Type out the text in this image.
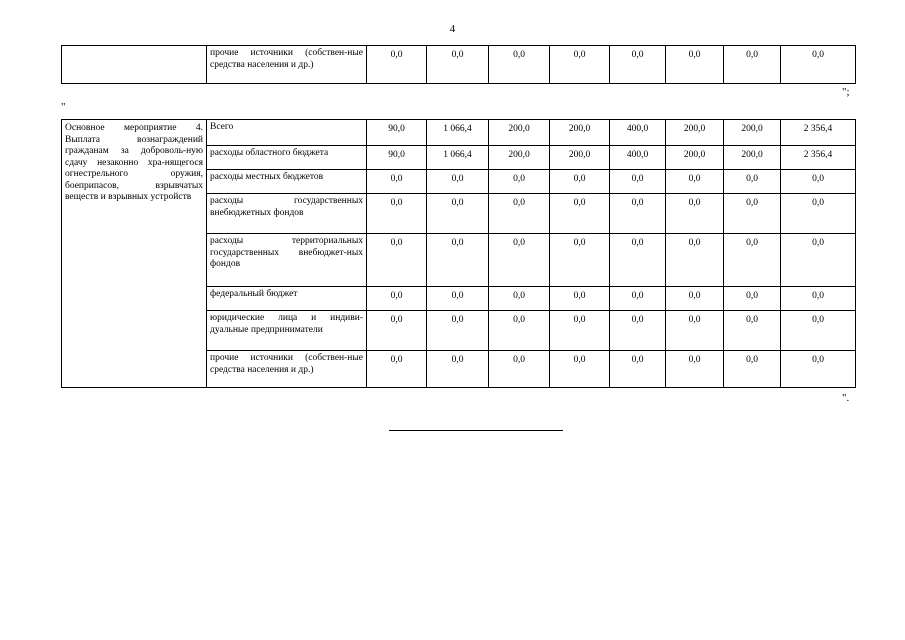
4
	прочие источники (собствен-ные средства населения и др.)	0,0	0,0	0,0	0,0	0,0	0,0	0,0	0,0
";
"
Основное мероприятие 4. Выплата вознаграждений гражданам за доброволь-ную сдачу незаконно хра-нящегося огнестрельного оружия, боеприпасов, взрывчатых веществ и взрывных устройств	Всего	90,0	1 066,4	200,0	200,0	400,0	200,0	200,0	2 356,4
	расходы областного бюджета	90,0	1 066,4	200,0	200,0	400,0	200,0	200,0	2 356,4
	расходы местных бюджетов	0,0	0,0	0,0	0,0	0,0	0,0	0,0	0,0
	расходы государственных внебюджетных фондов	0,0	0,0	0,0	0,0	0,0	0,0	0,0	0,0
	расходы территориальных государственных внебюджет-ных фондов	0,0	0,0	0,0	0,0	0,0	0,0	0,0	0,0
	федеральный бюджет	0,0	0,0	0,0	0,0	0,0	0,0	0,0	0,0
	юридические лица и индиви-дуальные предприниматели	0,0	0,0	0,0	0,0	0,0	0,0	0,0	0,0
	прочие источники (собствен-ные средства населения и др.)	0,0	0,0	0,0	0,0	0,0	0,0	0,0	0,0
".
